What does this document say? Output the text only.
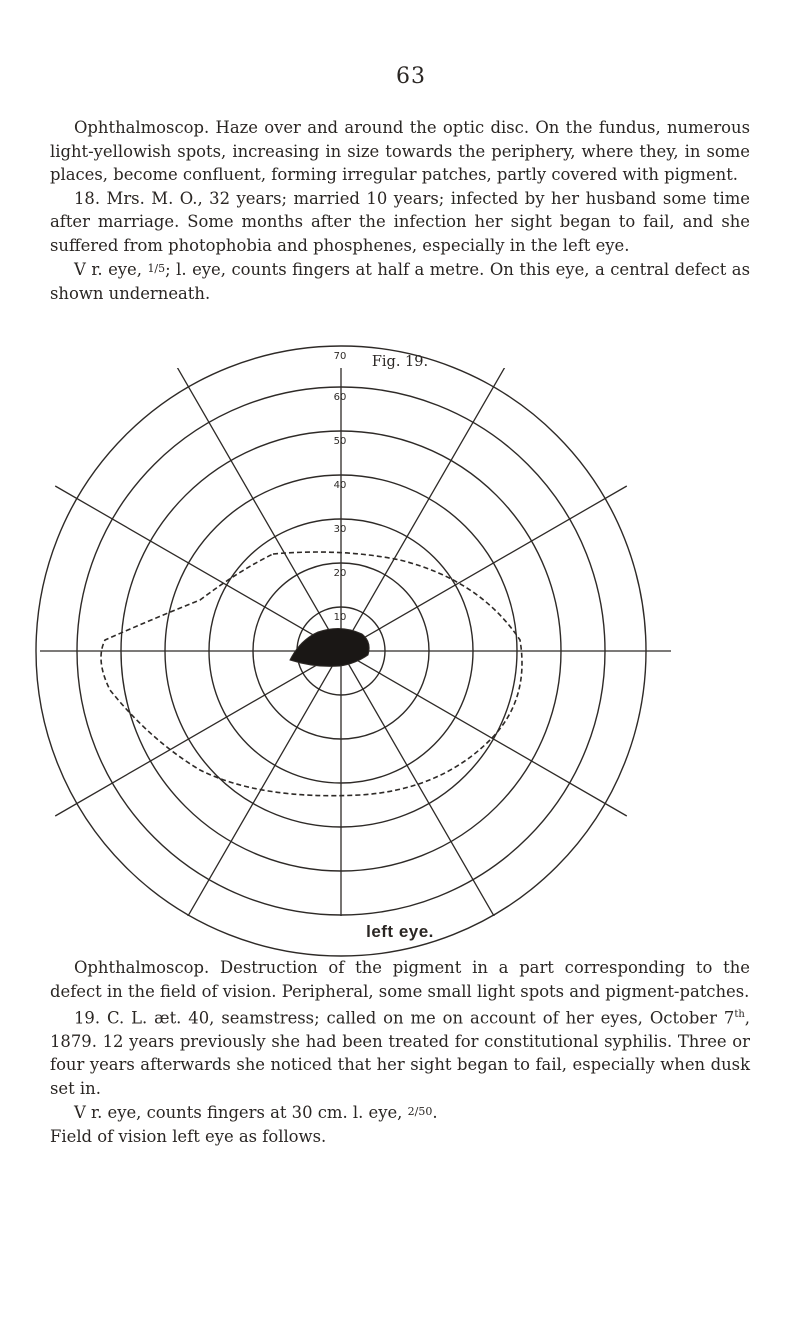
63

Ophthalmoscop. Haze over and around the optic disc. On the fundus, numerous light-yellowish spots, increasing in size towards the periphery, where they, in some places, become confluent, forming irregular patches, partly covered with pigment.

18. Mrs. M. O., 32 years; married 10 years; infected by her husband some time after marriage. Some months after the infection her sight began to fail, and she suffered from photophobia and phosphenes, especially in the left eye.

V r. eye, 1/5; l. eye, counts fingers at half a metre. On this eye, a central defect as shown underneath.

Fig. 19.
70
60
50
40
30
20
10
left eye.

Ophthalmoscop. Destruction of the pigment in a part corresponding to the defect in the field of vision. Peripheral, some small light spots and pigment-patches.

19. C. L. æt. 40, seamstress; called on me on account of her eyes, October 7th, 1879. 12 years previously she had been treated for constitutional syphilis. Three or four years afterwards she noticed that her sight began to fail, especially when dusk set in.

V r. eye, counts fingers at 30 cm. l. eye, 2/50.

Field of vision left eye as follows.
